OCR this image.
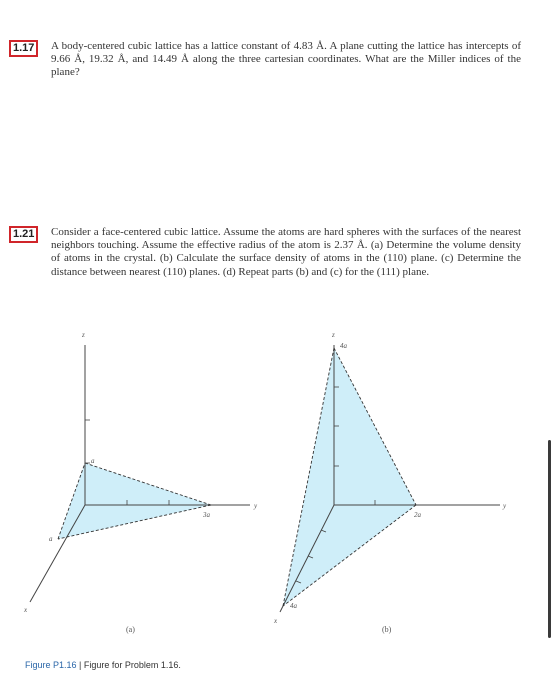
1.17	A body-centered cubic lattice has a lattice constant of 4.83 Å. A plane cutting the lattice has intercepts of 9.66 Å, 19.32 Å, and 14.49 Å along the three cartesian coordinates. What are the Miller indices of the plane?
1.21	Consider a face-centered cubic lattice. Assume the atoms are hard spheres with the surfaces of the nearest neighbors touching. Assume the effective radius of the atom is 2.37 Å. (a) Determine the volume density of atoms in the crystal. (b) Calculate the surface density of atoms in the (110) plane. (c) Determine the distance between nearest (110) planes. (d) Repeat parts (b) and (c) for the (111) plane.
z
y
x
a
3a
a
(a)
z
y
x
4a
2a
4a
(b)
Figure P1.16 | Figure for Problem 1.16.
